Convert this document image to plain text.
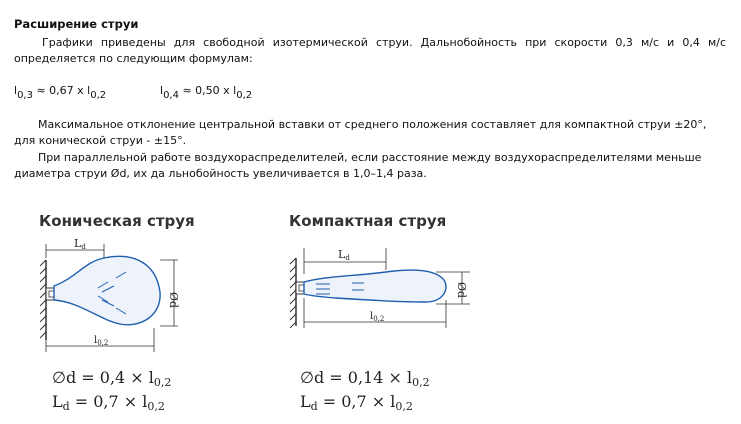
Расширение струи
Графики приведены для свободной изотермической струи. Дальнобойность при скорости 0,3 м/с и 0,4 м/с определяется по следующим формулам:
$l_{0,3} \approx 0,67$ x $l_{0,2}$	$l_{0,4} \approx 0,50$ x $l_{0,2}$
Максимальное отклонение центральной вставки от среднего положения составляет для компактной струи ±20°, для конической струи - ±15°.
При параллельной работе воздухораспределителей, если расстояние между воздухораспределителями меньше диаметра струи Ød, их да льнобойность увеличивается в 1,0–1,4 раза.
Коническая струя
Ld
Ød
$l_{0,2}$
∅d = $0,4 \times l_{0,2}$
$L_d = 0,7 \times l_{0,2}$
Компактная струя
Ld
Ød
$l_{0,2}$
∅d = $0,14 \times l_{0,2}$
$L_d = 0,7 \times l_{0,2}$
